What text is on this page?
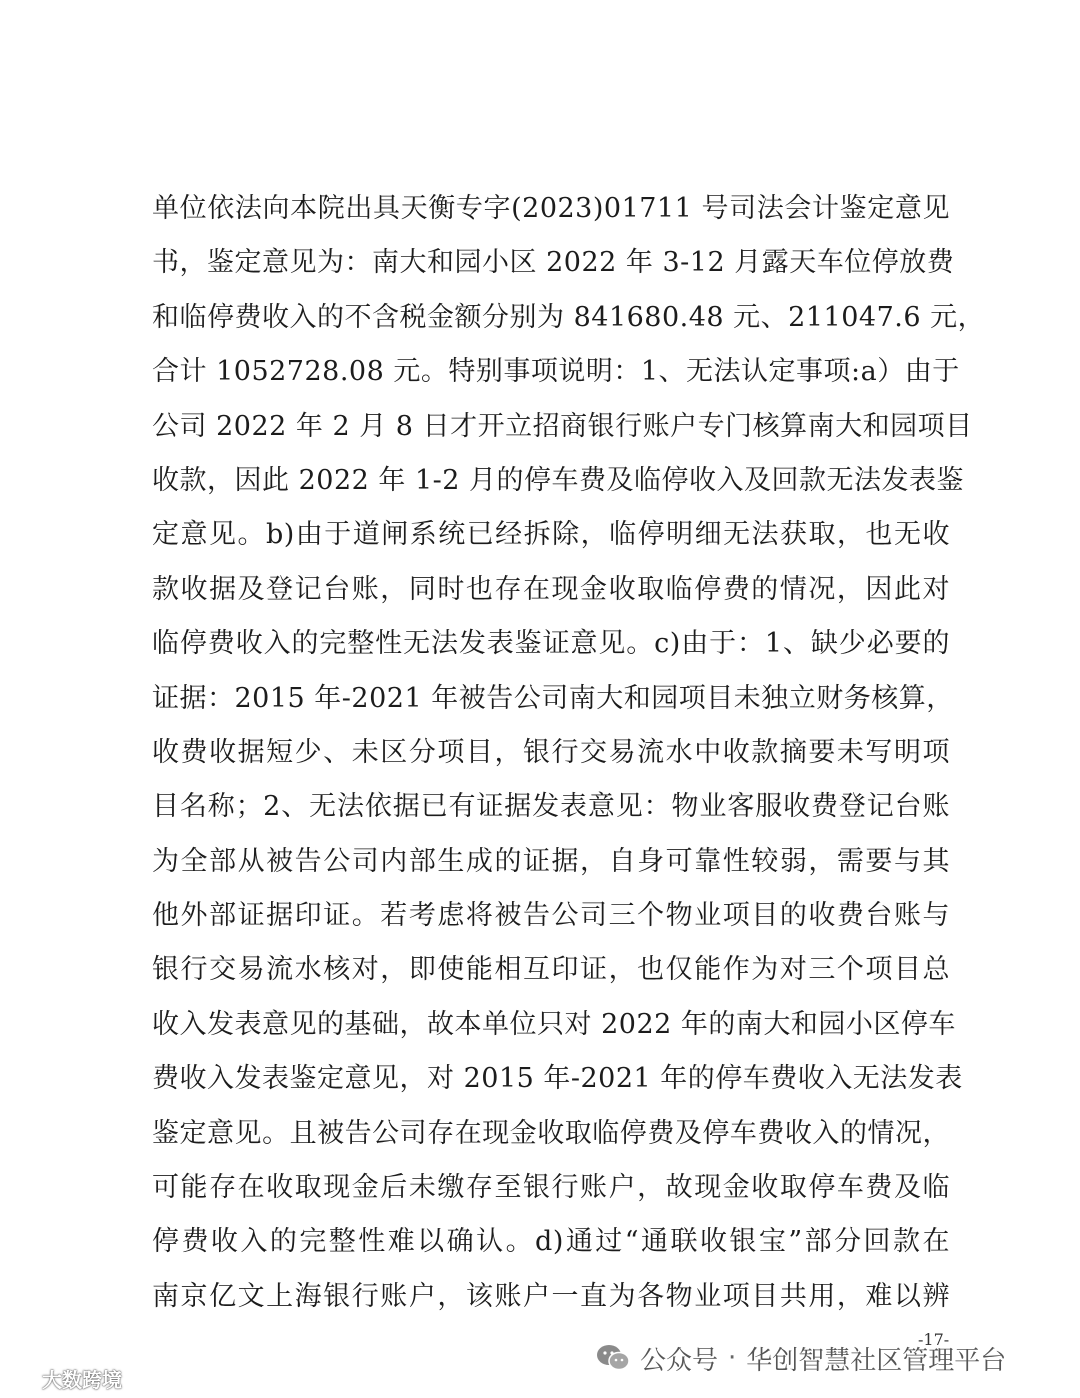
单位依法向本院出具天衡专字(2023)01711 号司法会计鉴定意见
书，鉴定意见为：南大和园小区 2022 年 3-12 月露天车位停放费
和临停费收入的不含税金额分别为 841680.48 元、211047.6 元，
合计 1052728.08 元。特别事项说明：1、无法认定事项:a）由于
公司 2022 年 2 月 8 日才开立招商银行账户专门核算南大和园项目
收款，因此 2022 年 1-2 月的停车费及临停收入及回款无法发表鉴
定意见。b)由于道闸系统已经拆除，临停明细无法获取，也无收
款收据及登记台账，同时也存在现金收取临停费的情况，因此对
临停费收入的完整性无法发表鉴证意见。c)由于：1、缺少必要的
证据：2015 年-2021 年被告公司南大和园项目未独立财务核算，
收费收据短少、未区分项目，银行交易流水中收款摘要未写明项
目名称；2、无法依据已有证据发表意见：物业客服收费登记台账
为全部从被告公司内部生成的证据，自身可靠性较弱，需要与其
他外部证据印证。若考虑将被告公司三个物业项目的收费台账与
银行交易流水核对，即使能相互印证，也仅能作为对三个项目总
收入发表意见的基础，故本单位只对 2022 年的南大和园小区停车
费收入发表鉴定意见，对 2015 年-2021 年的停车费收入无法发表
鉴定意见。且被告公司存在现金收取临停费及停车费收入的情况，
可能存在收取现金后未缴存至银行账户，故现金收取停车费及临
停费收入的完整性难以确认。d)通过“通联收银宝”部分回款在
南京亿文上海银行账户，该账户一直为各物业项目共用，难以辨
-17-
公众号 · 华创智慧社区管理平台
大数跨境
